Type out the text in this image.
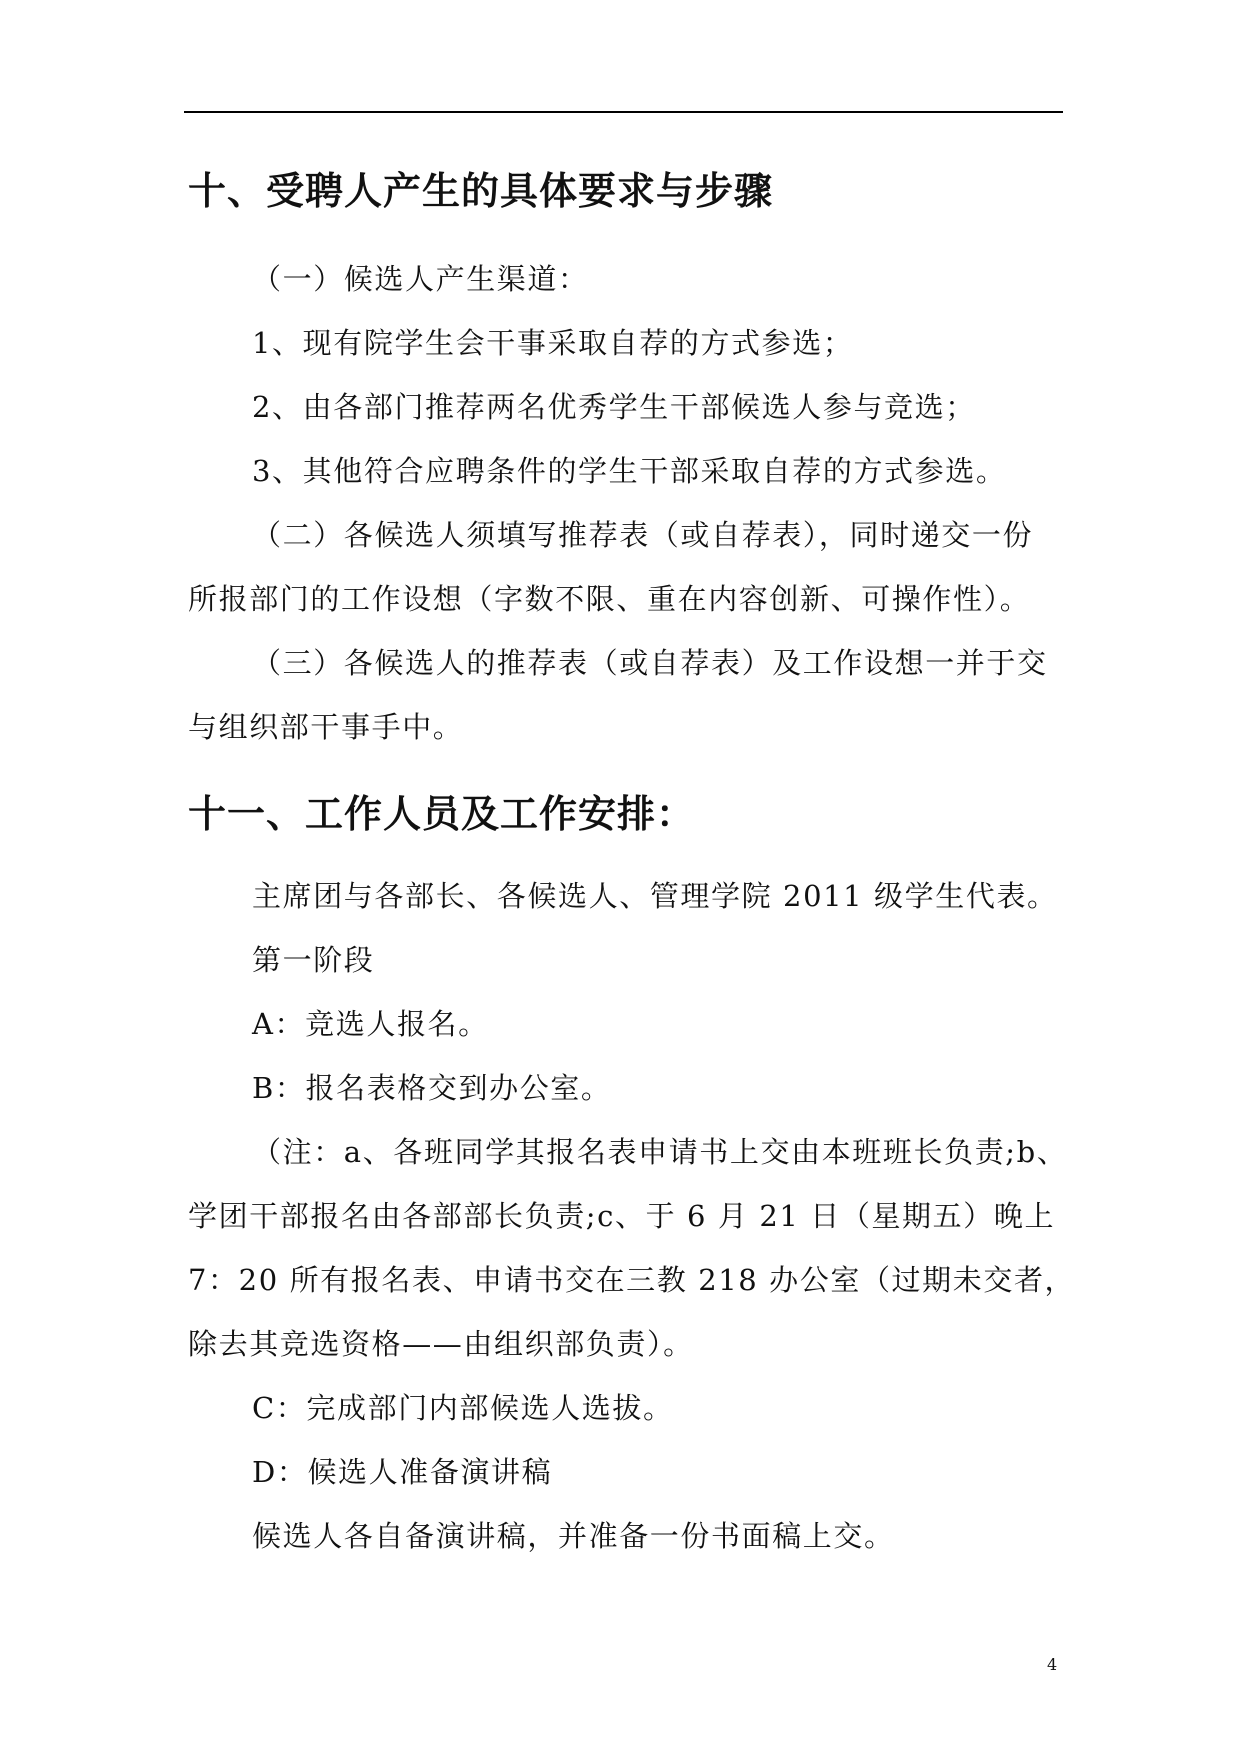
十、受聘人产生的具体要求与步骤
（一）候选人产生渠道：
1、现有院学生会干事采取自荐的方式参选；
2、由各部门推荐两名优秀学生干部候选人参与竞选；
3、其他符合应聘条件的学生干部采取自荐的方式参选。
（二）各候选人须填写推荐表（或自荐表），同时递交一份
所报部门的工作设想（字数不限、重在内容创新、可操作性）。
（三）各候选人的推荐表（或自荐表）及工作设想一并于交
与组织部干事手中。
十一、工作人员及工作安排：
主席团与各部长、各候选人、管理学院 2011 级学生代表。
第一阶段
A：竞选人报名。
B：报名表格交到办公室。
（注：a、各班同学其报名表申请书上交由本班班长负责;b、
学团干部报名由各部部长负责;c、于 6 月 21 日（星期五）晚上
7：20 所有报名表、申请书交在三教 218 办公室（过期未交者，
除去其竞选资格——由组织部负责）。
C：完成部门内部候选人选拔。
D：候选人准备演讲稿
候选人各自备演讲稿，并准备一份书面稿上交。
4
